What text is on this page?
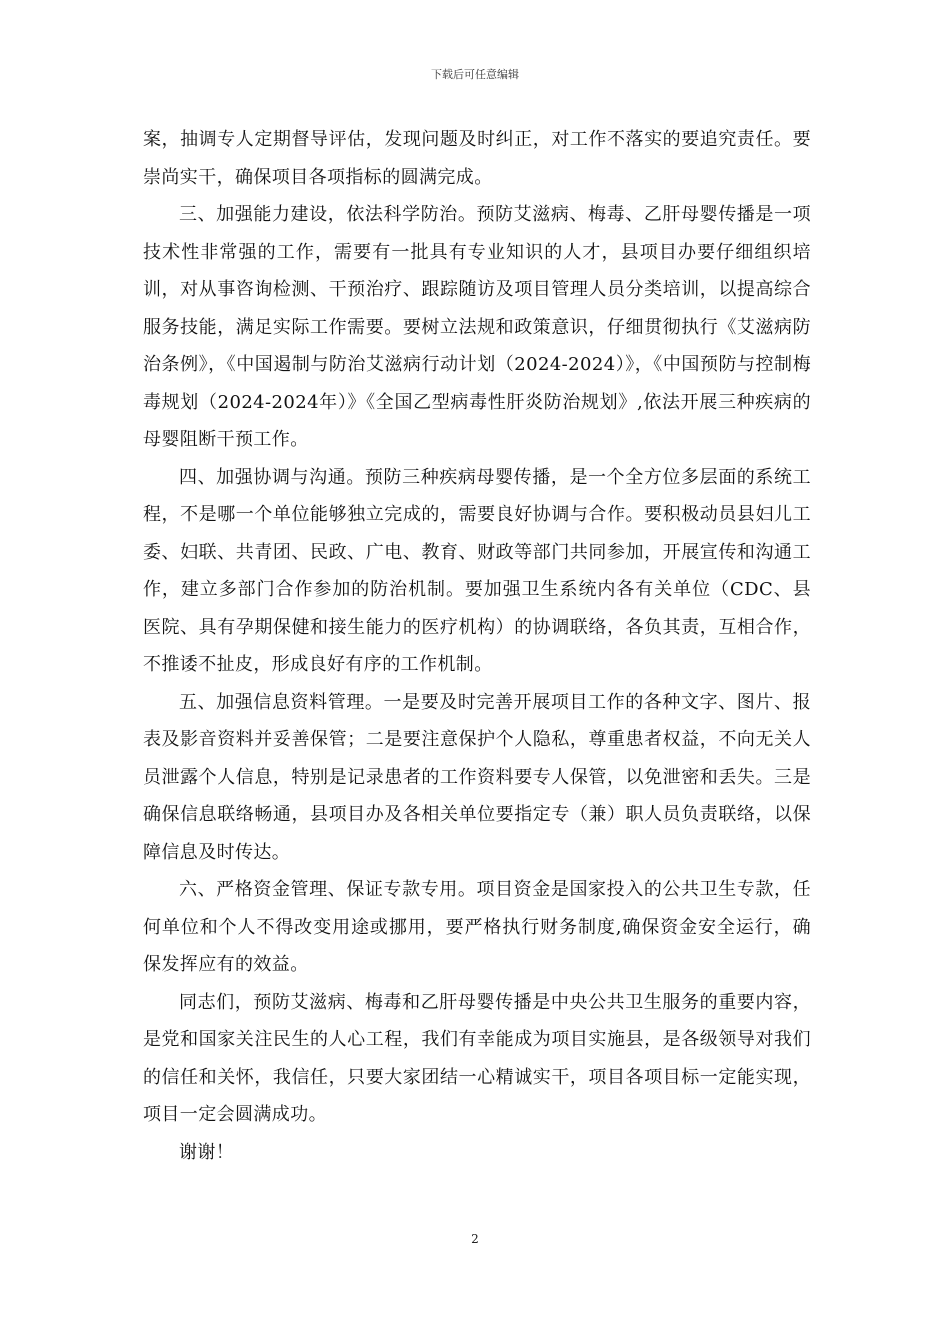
下载后可任意编辑

案，抽调专人定期督导评估，发现问题及时纠正，对工作不落实的要追究责任。要崇尚实干，确保项目各项指标的圆满完成。

三、加强能力建设，依法科学防治。预防艾滋病、梅毒、乙肝母婴传播是一项技术性非常强的工作，需要有一批具有专业知识的人才，县项目办要仔细组织培训，对从事咨询检测、干预治疗、跟踪随访及项目管理人员分类培训，以提高综合服务技能，满足实际工作需要。要树立法规和政策意识，仔细贯彻执行《艾滋病防治条例》，《中国遏制与防治艾滋病行动计划（2024-2024）》，《中国预防与控制梅毒规划（2024-2024年）》《全国乙型病毒性肝炎防治规划》,依法开展三种疾病的母婴阻断干预工作。

四、加强协调与沟通。预防三种疾病母婴传播，是一个全方位多层面的系统工程，不是哪一个单位能够独立完成的，需要良好协调与合作。要积极动员县妇儿工委、妇联、共青团、民政、广电、教育、财政等部门共同参加，开展宣传和沟通工作，建立多部门合作参加的防治机制。要加强卫生系统内各有关单位（CDC、县医院、具有孕期保健和接生能力的医疗机构）的协调联络，各负其责，互相合作，不推诿不扯皮，形成良好有序的工作机制。

五、加强信息资料管理。一是要及时完善开展项目工作的各种文字、图片、报表及影音资料并妥善保管；二是要注意保护个人隐私，尊重患者权益，不向无关人员泄露个人信息，特别是记录患者的工作资料要专人保管，以免泄密和丢失。三是确保信息联络畅通，县项目办及各相关单位要指定专（兼）职人员负责联络，以保障信息及时传达。

六、严格资金管理、保证专款专用。项目资金是国家投入的公共卫生专款，任何单位和个人不得改变用途或挪用，要严格执行财务制度,确保资金安全运行，确保发挥应有的效益。

同志们，预防艾滋病、梅毒和乙肝母婴传播是中央公共卫生服务的重要内容，是党和国家关注民生的人心工程，我们有幸能成为项目实施县，是各级领导对我们的信任和关怀，我信任，只要大家团结一心精诚实干，项目各项目标一定能实现，项目一定会圆满成功。

谢谢！

2
